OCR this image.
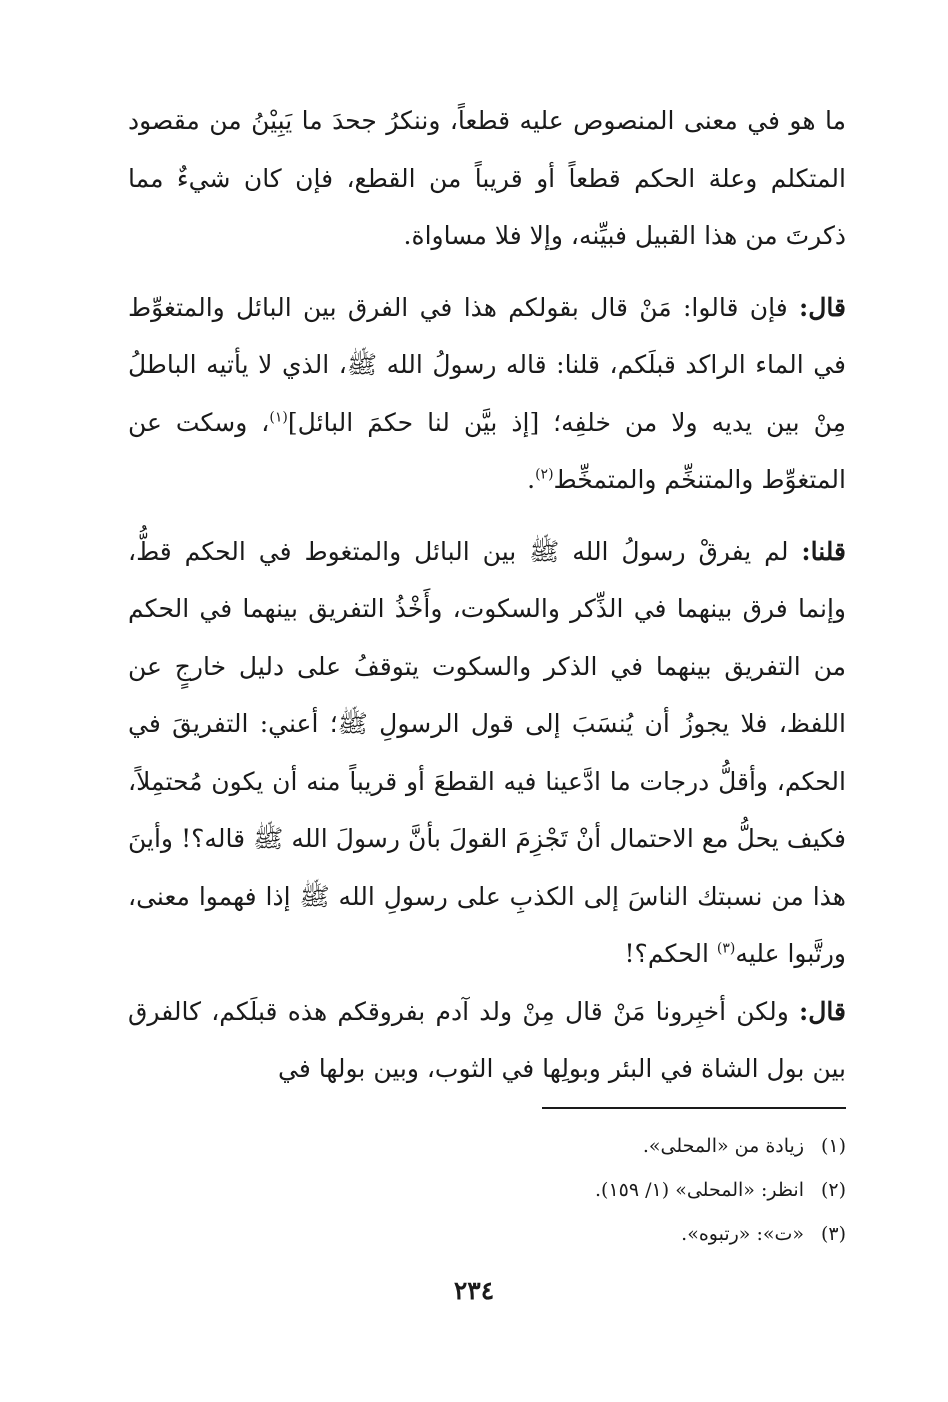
ما هو في معنى المنصوص عليه قطعاً، وننكرُ جحدَ ما يَبِيْنُ من مقصود المتكلم وعلة الحكم قطعاً أو قريباً من القطع، فإن كان شيءٌ مما ذكرتَ من هذا القبيل فبيِّنه، وإلا فلا مساواة.

قال: فإن قالوا: مَنْ قال بقولكم هذا في الفرق بين البائل والمتغوِّط في الماء الراكد قبلَكم، قلنا: قاله رسولُ الله ﷺ، الذي لا يأتيه الباطلُ مِنْ بين يديه ولا من خلفِه؛ [إذ بيَّن لنا حكمَ البائل]$^{(١)}$، وسكت عن المتغوِّط والمتنخِّم والمتمخِّط$^{(٢)}$.

قلنا: لم يفرقْ رسولُ الله ﷺ بين البائل والمتغوط في الحكم قطُّ، وإنما فرق بينهما في الذِّكر والسكوت، وأَخْذُ التفريق بينهما في الحكم من التفريق بينهما في الذكر والسكوت يتوقفُ على دليل خارجٍ عن اللفظ، فلا يجوزُ أن يُنسَبَ إلى قول الرسولِ ﷺ؛ أعني: التفريقَ في الحكم، وأقلُّ درجات ما ادَّعينا فيه القطعَ أو قريباً منه أن يكون مُحتمِلاً، فكيف يحلُّ مع الاحتمال أنْ تَجْزِمَ القولَ بأنَّ رسولَ الله ﷺ قاله؟! وأينَ هذا من نسبتك الناسَ إلى الكذبِ على رسولِ الله ﷺ إذا فهموا معنى، ورتَّبوا عليه$^{(٣)}$ الحكم؟!

قال: ولكن أخبِرونا مَنْ قال مِنْ ولد آدم بفروقكم هذه قبلَكم، كالفرق بين بول الشاة في البئر وبولِها في الثوب، وبين بولها في

(١)زيادة من «المحلى».
(٢)انظر: «المحلى» (١/ ١٥٩).
(٣)«ت»: «رتبوه».
٢٣٤
